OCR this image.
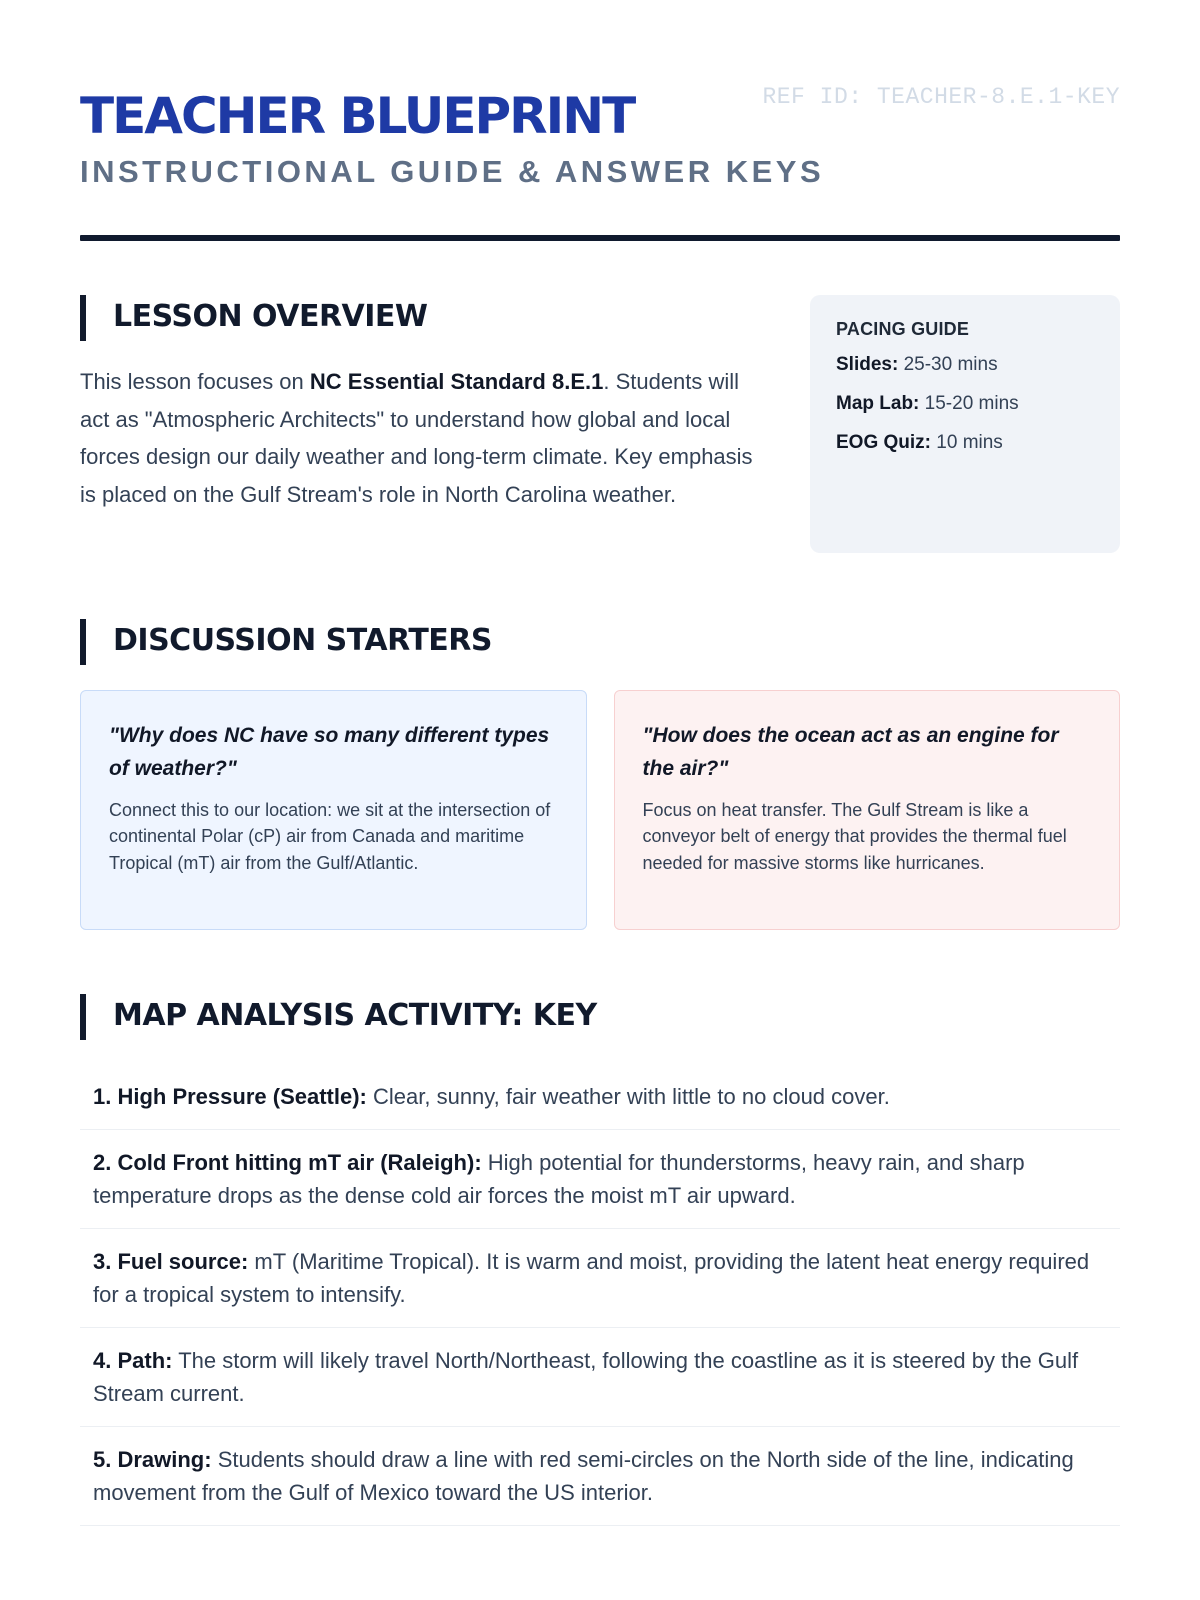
REF ID: TEACHER-8.E.1-KEY
TEACHER BLUEPRINT
INSTRUCTIONAL GUIDE & ANSWER KEYS
LESSON OVERVIEW

This lesson focuses on NC Essential Standard 8.E.1. Students will act as "Atmospheric Architects" to understand how global and local forces design our daily weather and long-term climate. Key emphasis is placed on the Gulf Stream's role in North Carolina weather.

PACING GUIDE
Slides: 25-30 mins
Map Lab: 15-20 mins
EOG Quiz: 10 mins
DISCUSSION STARTERS

"Why does NC have so many different types of weather?"

Connect this to our location: we sit at the intersection of continental Polar (cP) air from Canada and maritime Tropical (mT) air from the Gulf/Atlantic.

"How does the ocean act as an engine for the air?"

Focus on heat transfer. The Gulf Stream is like a conveyor belt of energy that provides the thermal fuel needed for massive storms like hurricanes.

MAP ANALYSIS ACTIVITY: KEY
1. High Pressure (Seattle): Clear, sunny, fair weather with little to no cloud cover.
2. Cold Front hitting mT air (Raleigh): High potential for thunderstorms, heavy rain, and sharp temperature drops as the dense cold air forces the moist mT air upward.
3. Fuel source: mT (Maritime Tropical). It is warm and moist, providing the latent heat energy required for a tropical system to intensify.
4. Path: The storm will likely travel North/Northeast, following the coastline as it is steered by the Gulf Stream current.
5. Drawing: Students should draw a line with red semi-circles on the North side of the line, indicating movement from the Gulf of Mexico toward the US interior.
